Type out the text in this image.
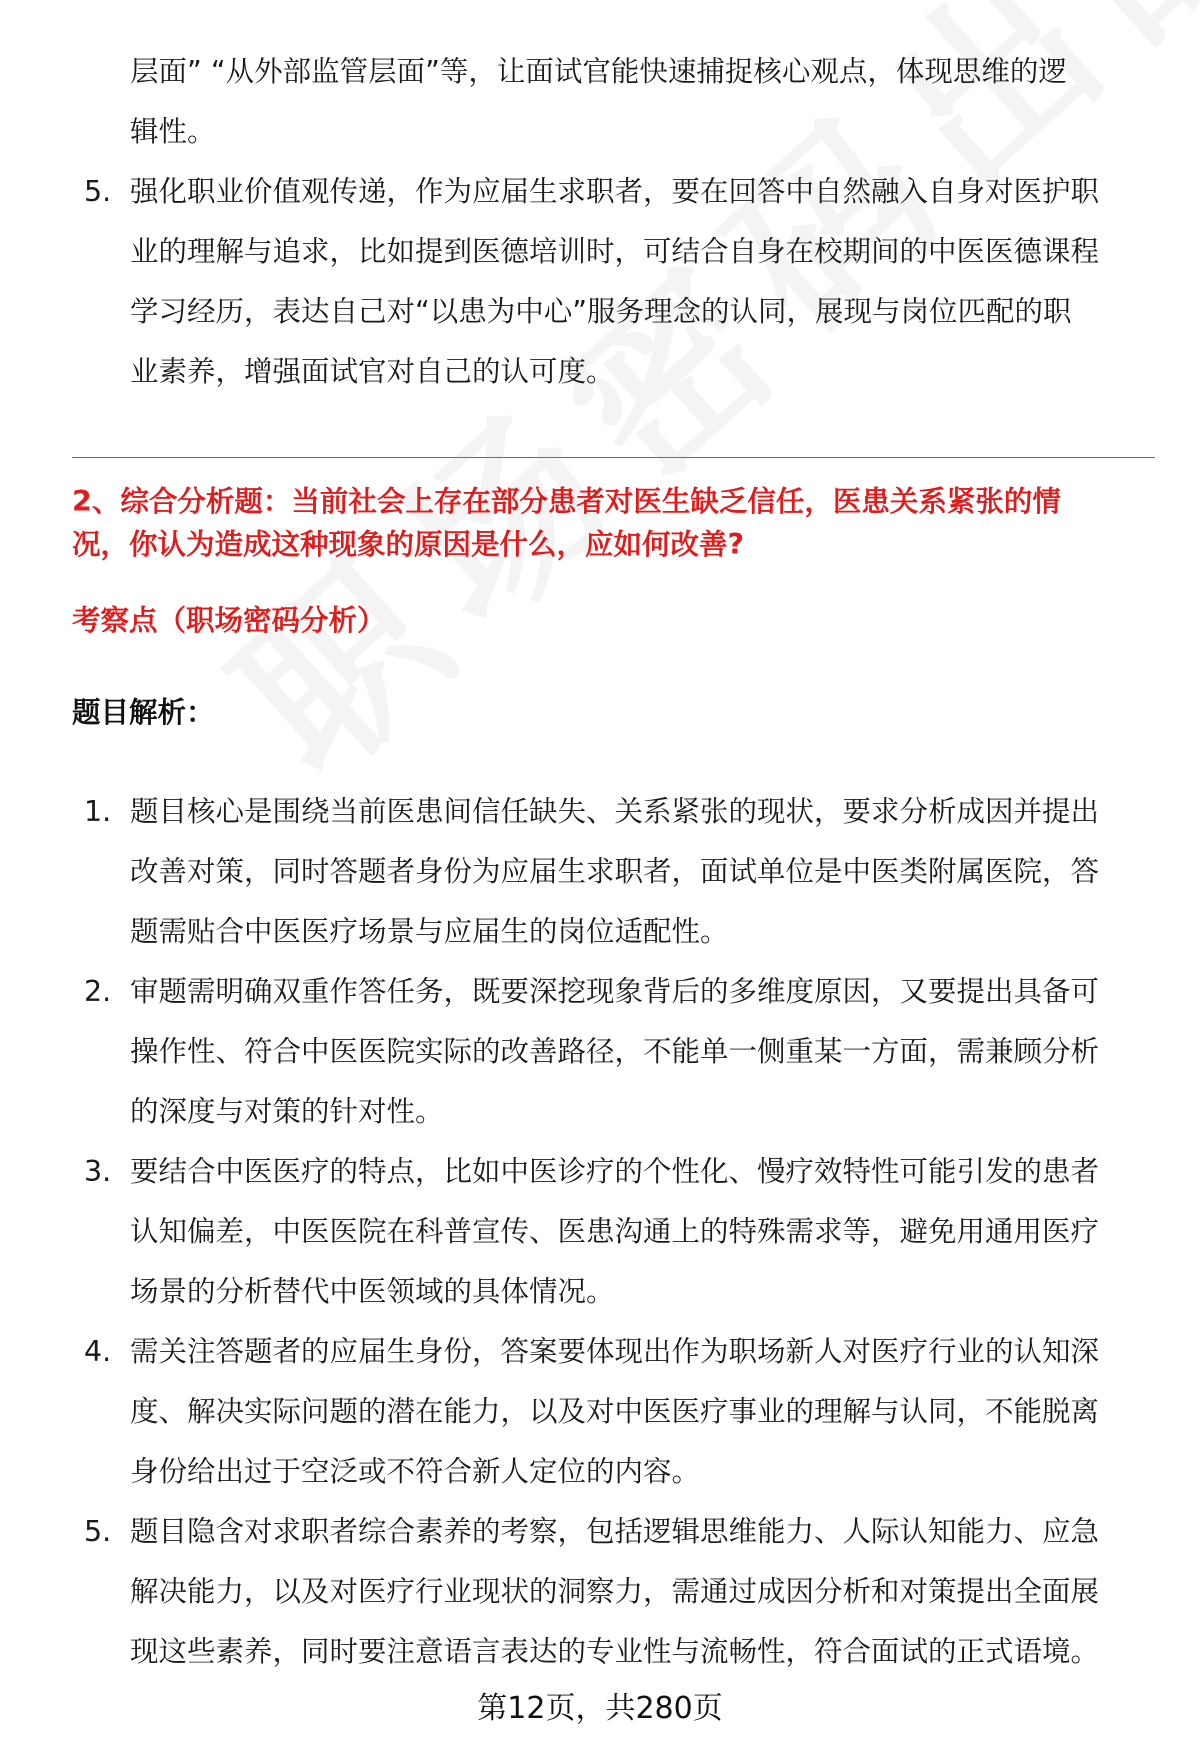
层面” “从外部监管层面”等，让面试官能快速捕捉核心观点，体现思维的逻

辑性。

5. 强化职业价值观传递，作为应届生求职者，要在回答中自然融入自身对医护职
业的理解与追求，比如提到医德培训时，可结合自身在校期间的中医医德课程
学习经历，表达自己对“以患为中心”服务理念的认同，展现与岗位匹配的职
业素养，增强面试官对自己的认可度。
2、综合分析题：当前社会上存在部分患者对医生缺乏信任，医患关系紧张的情
况，你认为造成这种现象的原因是什么，应如何改善?
考察点（职场密码分析）
题目解析：
1. 题目核心是围绕当前医患间信任缺失、关系紧张的现状，要求分析成因并提出
改善对策，同时答题者身份为应届生求职者，面试单位是中医类附属医院，答
题需贴合中医医疗场景与应届生的岗位适配性。
2. 审题需明确双重作答任务，既要深挖现象背后的多维度原因，又要提出具备可
操作性、符合中医医院实际的改善路径，不能单一侧重某一方面，需兼顾分析
的深度与对策的针对性。
3. 要结合中医医疗的特点，比如中医诊疗的个性化、慢疗效特性可能引发的患者
认知偏差，中医医院在科普宣传、医患沟通上的特殊需求等，避免用通用医疗
场景的分析替代中医领域的具体情况。
4. 需关注答题者的应届生身份，答案要体现出作为职场新人对医疗行业的认知深
度、解决实际问题的潜在能力，以及对中医医疗事业的理解与认同，不能脱离
身份给出过于空泛或不符合新人定位的内容。
5. 题目隐含对求职者综合素养的考察，包括逻辑思维能力、人际认知能力、应急
解决能力，以及对医疗行业现状的洞察力，需通过成因分析和对策提出全面展
现这些素养，同时要注意语言表达的专业性与流畅性，符合面试的正式语境。
第12页，共280页
